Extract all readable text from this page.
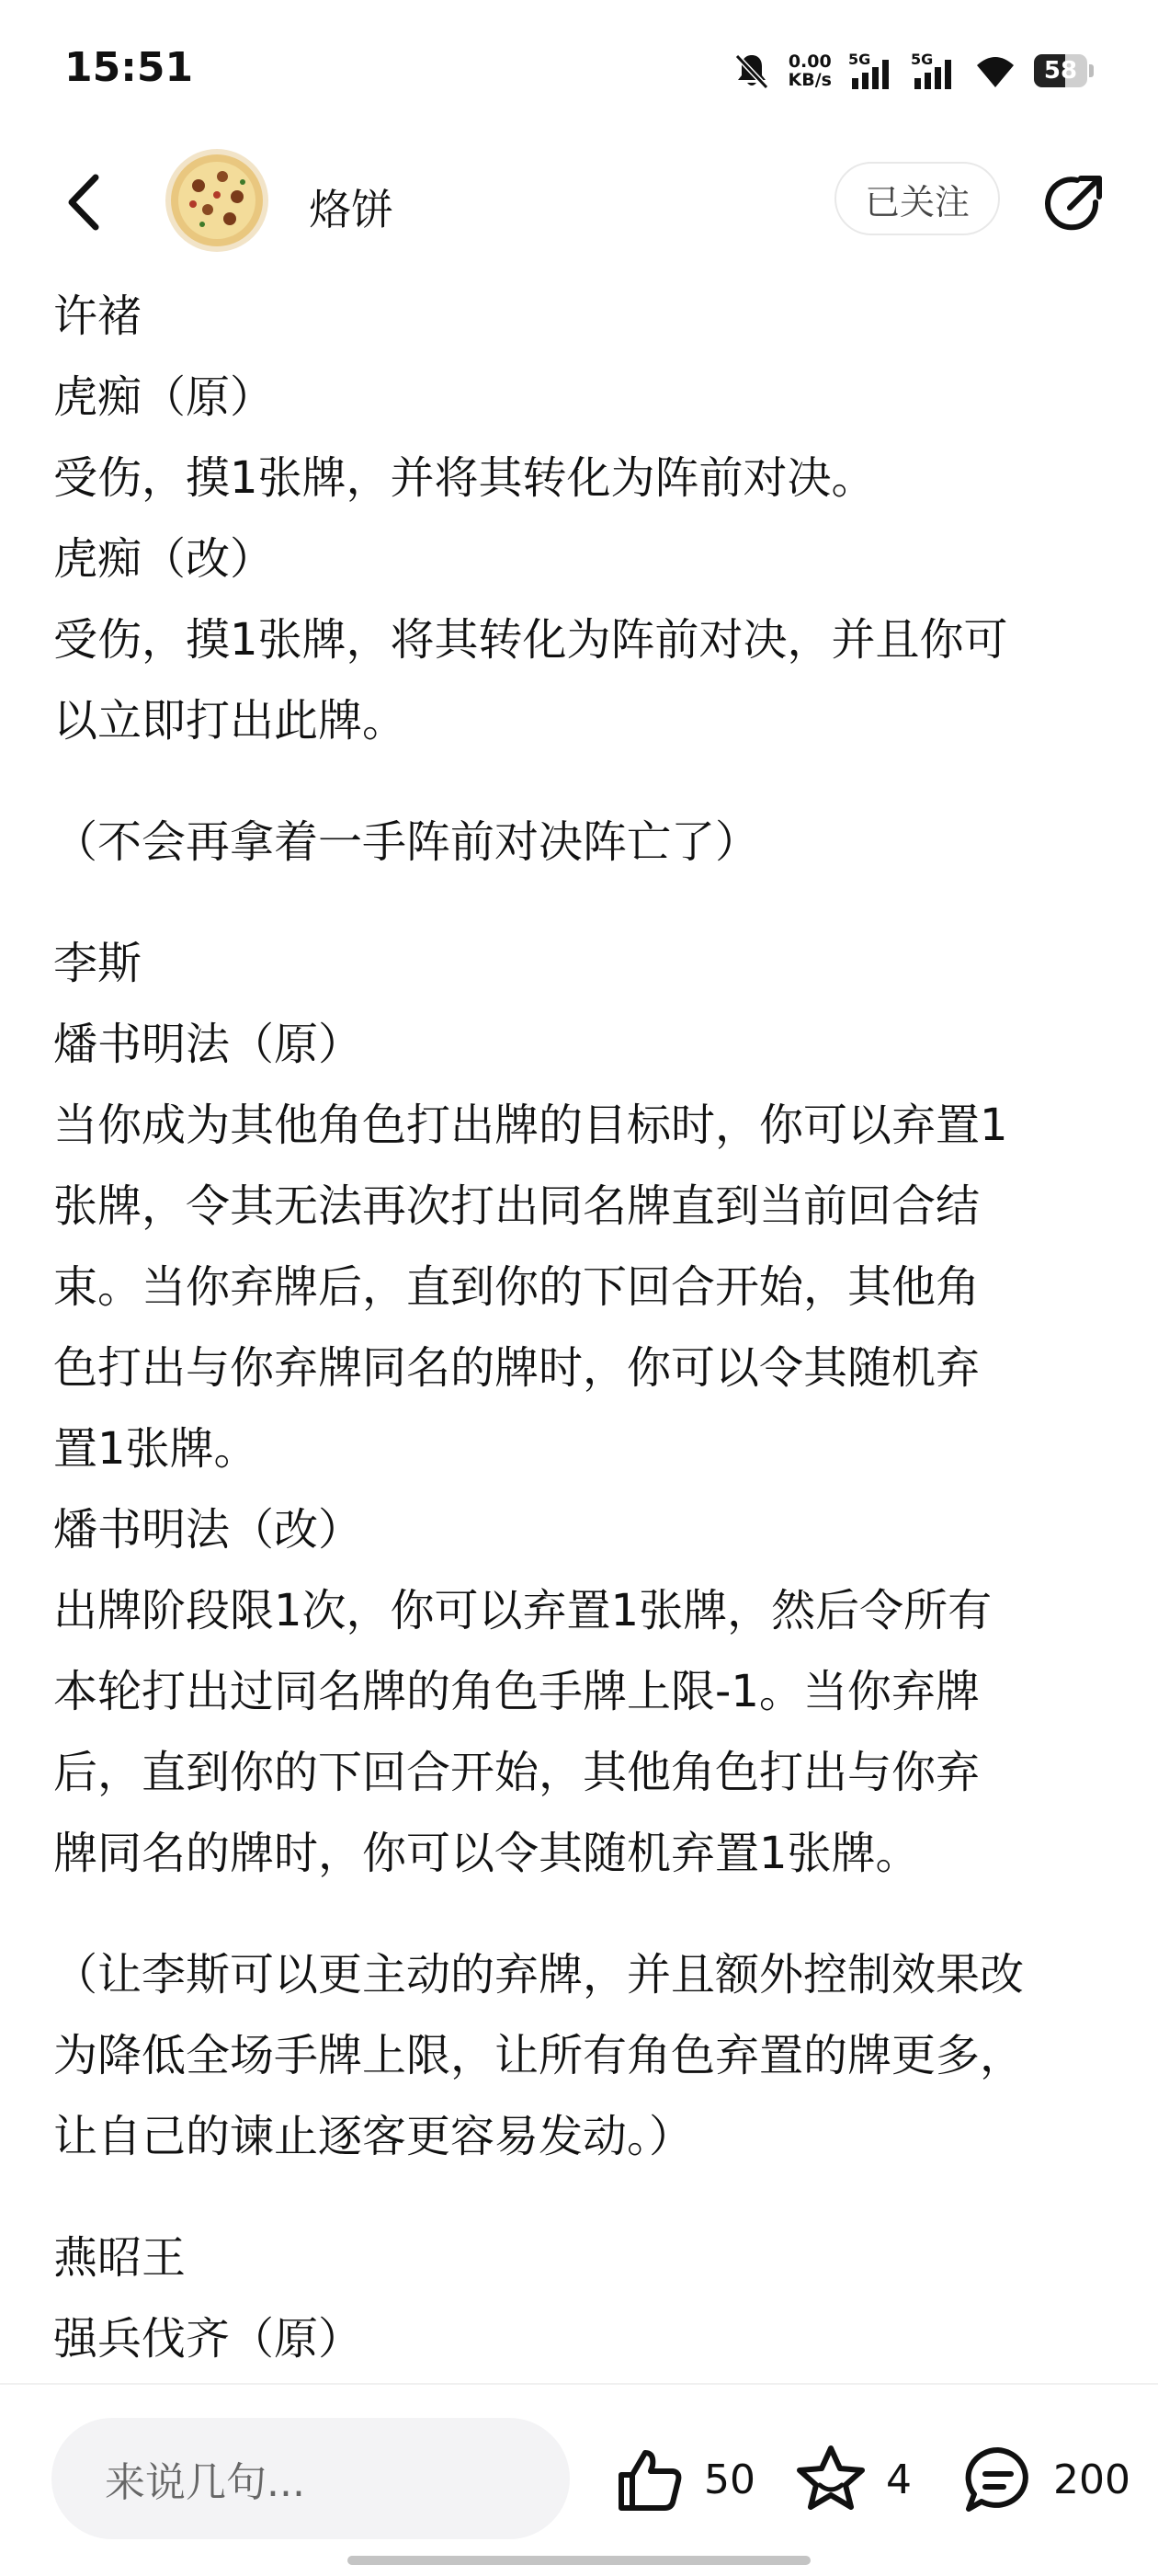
15:51	0.00
KB/s
5G	5G	58
烙饼	已关注

许褚

虎痴（原）

受伤，摸1张牌，并将其转化为阵前对决。

虎痴（改）

受伤，摸1张牌，将其转化为阵前对决，并且你可

以立即打出此牌。

（不会再拿着一手阵前对决阵亡了）

李斯

燔书明法（原）

当你成为其他角色打出牌的目标时，你可以弃置1

张牌，令其无法再次打出同名牌直到当前回合结

束。当你弃牌后，直到你的下回合开始，其他角

色打出与你弃牌同名的牌时，你可以令其随机弃

置1张牌。

燔书明法（改）

出牌阶段限1次，你可以弃置1张牌，然后令所有

本轮打出过同名牌的角色手牌上限-1。当你弃牌

后，直到你的下回合开始，其他角色打出与你弃

牌同名的牌时，你可以令其随机弃置1张牌。

（让李斯可以更主动的弃牌，并且额外控制效果改

为降低全场手牌上限，让所有角色弃置的牌更多，

让自己的谏止逐客更容易发动。）

燕昭王

强兵伐齐（原）

来说几句...	50	4	200
